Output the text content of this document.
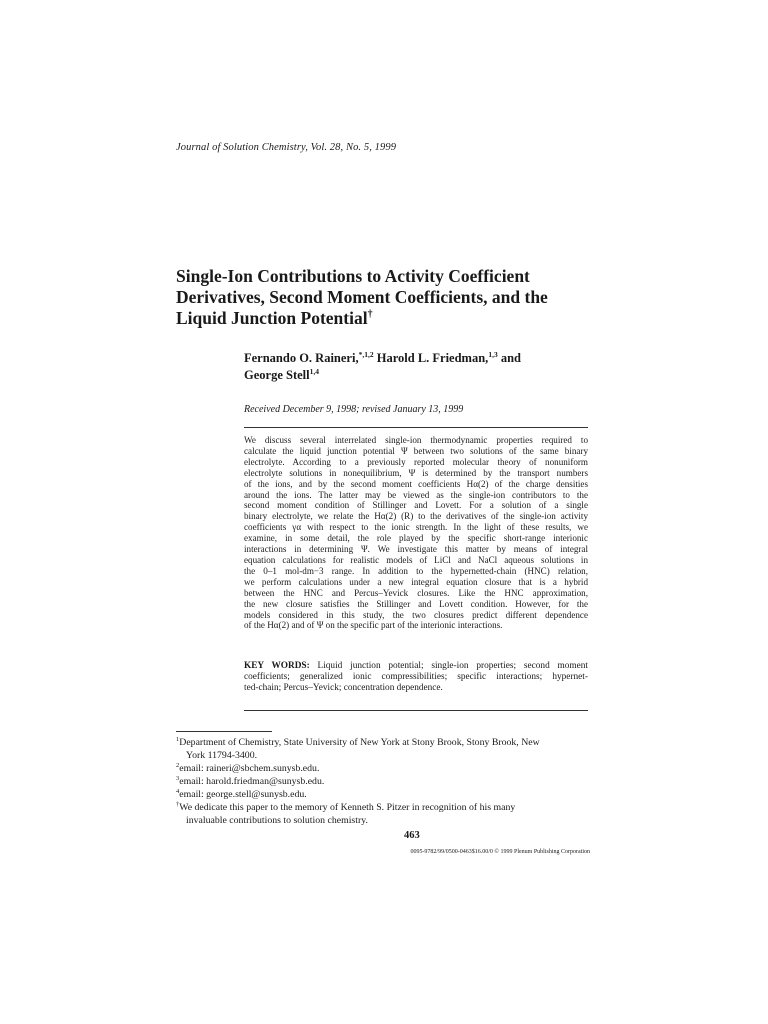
Journal of Solution Chemistry, Vol. 28, No. 5, 1999
Single-Ion Contributions to Activity Coefficient
Derivatives, Second Moment Coefficients, and the
Liquid Junction Potential†
Fernando O. Raineri,$^{*,1,2}$ Harold L. Friedman,$^{1,3}$ and
George Stell$^{1,4}$
Received December 9, 1998; revised January 13, 1999
We discuss several interrelated single-ion thermodynamic properties required to
calculate the liquid junction potential Ψ between two solutions of the same binary
electrolyte. According to a previously reported molecular theory of nonuniform
electrolyte solutions in nonequilibrium, Ψ is determined by the transport numbers
of the ions, and by the second moment coefficients Hα(2) of the charge densities
around the ions. The latter may be viewed as the single-ion contributors to the
second moment condition of Stillinger and Lovett. For a solution of a single
binary electrolyte, we relate the Hα(2) (R) to the derivatives of the single-ion activity
coefficients γα with respect to the ionic strength. In the light of these results, we
examine, in some detail, the role played by the specific short-range interionic
interactions in determining Ψ. We investigate this matter by means of integral
equation calculations for realistic models of LiCl and NaCl aqueous solutions in
the 0–1 mol-dm−3 range. In addition to the hypernetted-chain (HNC) relation,
we perform calculations under a new integral equation closure that is a hybrid
between the HNC and Percus–Yevick closures. Like the HNC approximation,
the new closure satisfies the Stillinger and Lovett condition. However, for the
models considered in this study, the two closures predict different dependence
of the Hα(2) and of Ψ on the specific part of the interionic interactions.
KEY WORDS: Liquid junction potential; single-ion properties; second moment
coefficients; generalized ionic compressibilities; specific interactions; hypernet-
ted-chain; Percus–Yevick; concentration dependence.
$^1$Department of Chemistry, State University of New York at Stony Brook, Stony Brook, New
York 11794-3400.
$^2$email: raineri@sbchem.sunysb.edu.
$^3$email: harold.friedman@sunysb.edu.
$^4$email: george.stell@sunysb.edu.
†We dedicate this paper to the memory of Kenneth S. Pitzer in recognition of his many
invaluable contributions to solution chemistry.
463
0095-9782/99/0500-0463$16.00/0 © 1999 Plenum Publishing Corporation
